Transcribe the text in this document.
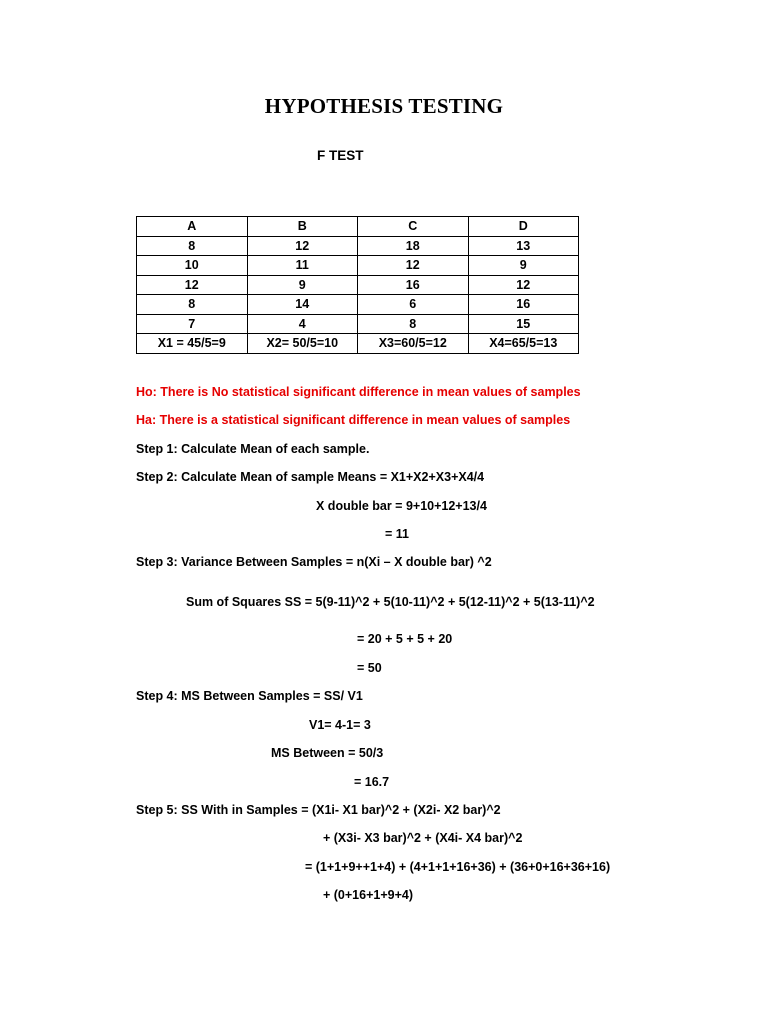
HYPOTHESIS TESTING
F TEST
A	B	C	D
8	12	18	13
10	11	12	9
12	9	16	12
8	14	6	16
7	4	8	15
X1 = 45/5=9	X2= 50/5=10	X3=60/5=12	X4=65/5=13
Ho: There is No statistical significant difference in mean values of samples
Ha: There is a statistical significant difference in mean values of samples
Step 1: Calculate Mean of each sample.
Step 2: Calculate Mean of sample Means = X1+X2+X3+X4/4
X double bar = 9+10+12+13/4
= 11
Step 3: Variance Between Samples = n(Xi – X double bar) ^2
Sum of Squares SS = 5(9-11)^2 + 5(10-11)^2 + 5(12-11)^2 + 5(13-11)^2
= 20 + 5 + 5 + 20
= 50
Step 4: MS Between Samples = SS/ V1
V1= 4-1= 3
MS Between = 50/3
= 16.7
Step 5: SS With in Samples = (X1i- X1 bar)^2 + (X2i- X2 bar)^2
+ (X3i- X3 bar)^2 + (X4i- X4 bar)^2
= (1+1+9++1+4) + (4+1+1+16+36) + (36+0+16+36+16)
+ (0+16+1+9+4)
